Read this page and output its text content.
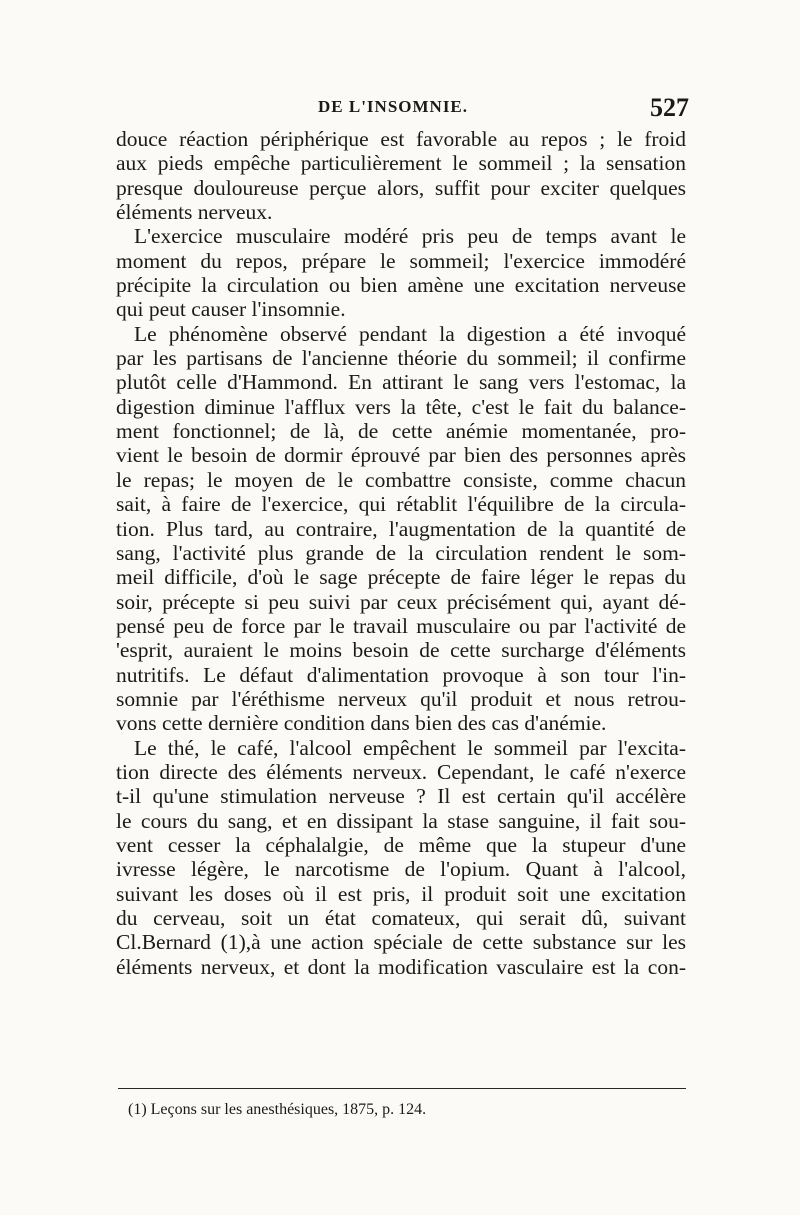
DE L'INSOMNIE.	527
douce réaction périphérique est favorable au repos ; le froid
aux pieds empêche particulièrement le sommeil ; la sensation
presque douloureuse perçue alors, suffit pour exciter quelques
éléments nerveux.
L'exercice musculaire modéré pris peu de temps avant le
moment du repos, prépare le sommeil; l'exercice immodéré
précipite la circulation ou bien amène une excitation nerveuse
qui peut causer l'insomnie.
Le phénomène observé pendant la digestion a été invoqué
par les partisans de l'ancienne théorie du sommeil; il confirme
plutôt celle d'Hammond. En attirant le sang vers l'estomac, la
digestion diminue l'afflux vers la tête, c'est le fait du balance-
ment fonctionnel; de là, de cette anémie momentanée, pro-
vient le besoin de dormir éprouvé par bien des personnes après
le repas; le moyen de le combattre consiste, comme chacun
sait, à faire de l'exercice, qui rétablit l'équilibre de la circula-
tion. Plus tard, au contraire, l'augmentation de la quantité de
sang, l'activité plus grande de la circulation rendent le som-
meil difficile, d'où le sage précepte de faire léger le repas du
soir, précepte si peu suivi par ceux précisément qui, ayant dé-
pensé peu de force par le travail musculaire ou par l'activité de
'esprit, auraient le moins besoin de cette surcharge d'éléments
nutritifs. Le défaut d'alimentation provoque à son tour l'in-
somnie par l'éréthisme nerveux qu'il produit et nous retrou-
vons cette dernière condition dans bien des cas d'anémie.
Le thé, le café, l'alcool empêchent le sommeil par l'excita-
tion directe des éléments nerveux. Cependant, le café n'exerce
t-il qu'une stimulation nerveuse ? Il est certain qu'il accélère
le cours du sang, et en dissipant la stase sanguine, il fait sou-
vent cesser la céphalalgie, de même que la stupeur d'une
ivresse légère, le narcotisme de l'opium. Quant à l'alcool,
suivant les doses où il est pris, il produit soit une excitation
du cerveau, soit un état comateux, qui serait dû, suivant
Cl.Bernard (1),à une action spéciale de cette substance sur les
éléments nerveux, et dont la modification vasculaire est la con-
(1) Leçons sur les anesthésiques, 1875, p. 124.
